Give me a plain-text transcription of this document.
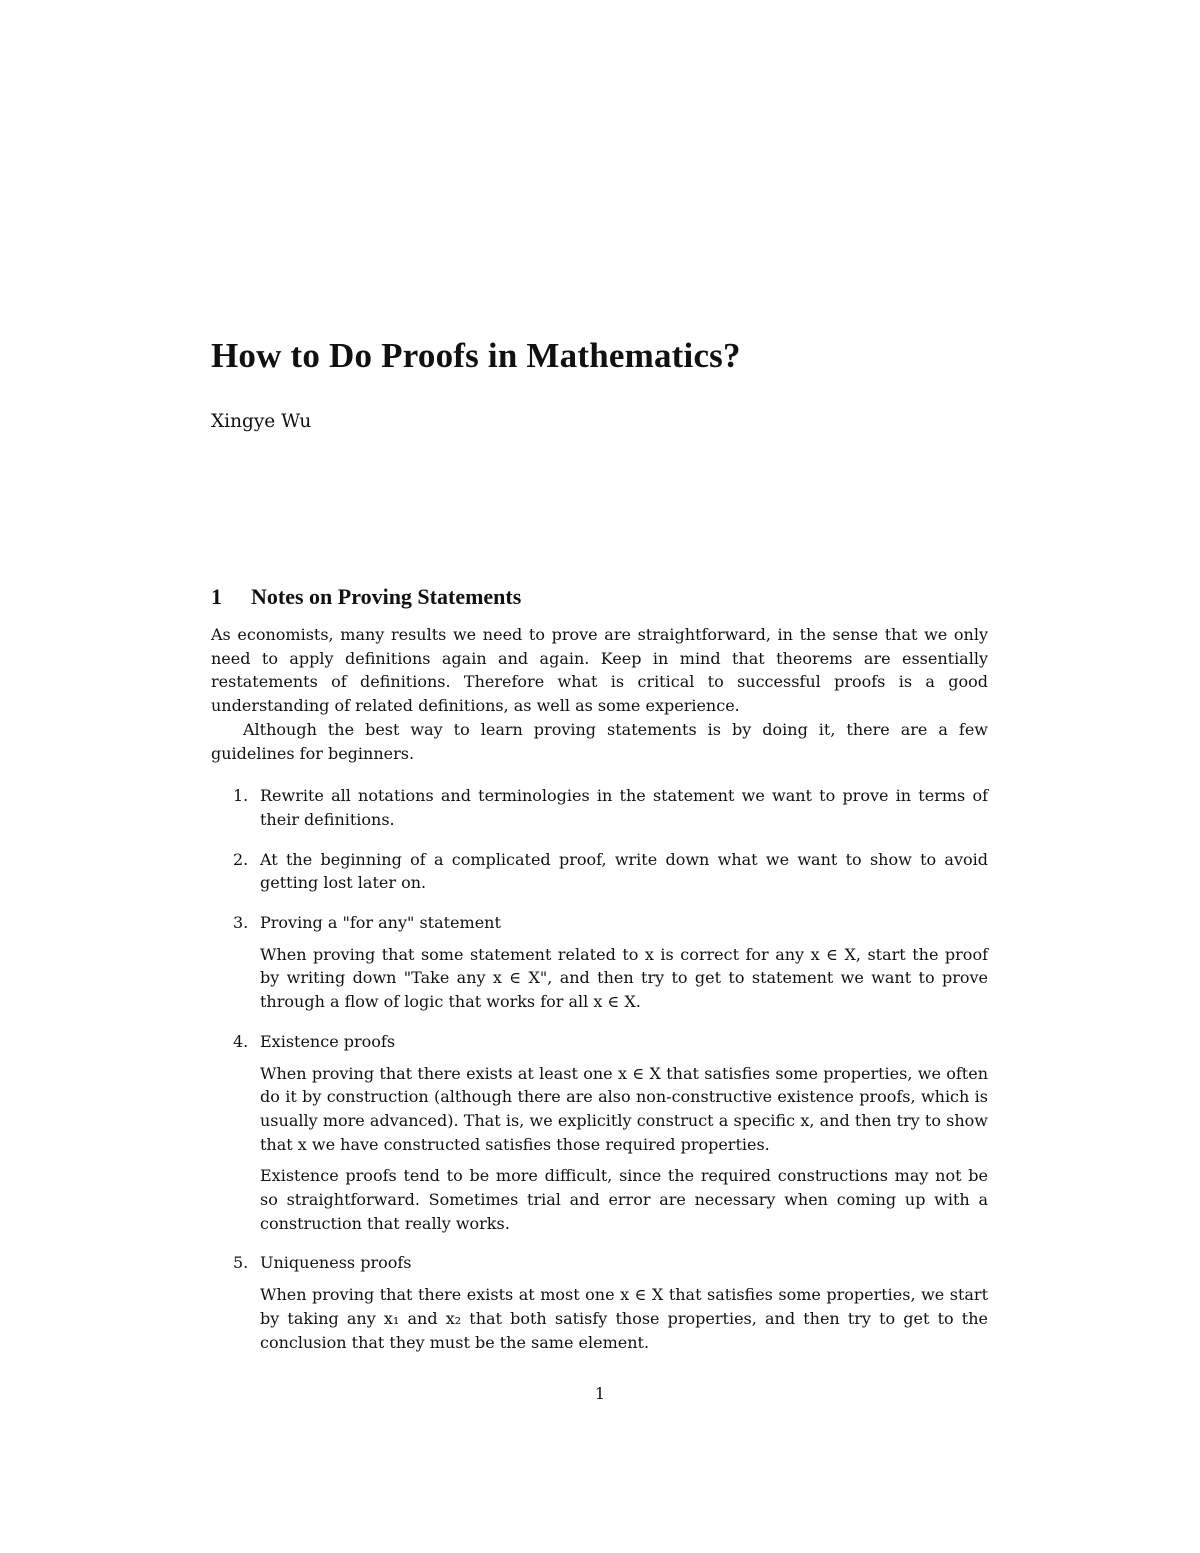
How to Do Proofs in Mathematics?
Xingye Wu
1 Notes on Proving Statements

As economists, many results we need to prove are straightforward, in the sense that we only need to apply definitions again and again. Keep in mind that theorems are essentially restatements of definitions. Therefore what is critical to successful proofs is a good understanding of related definitions, as well as some experience.

Although the best way to learn proving statements is by doing it, there are a few guidelines for beginners.

1. Rewrite all notations and terminologies in the statement we want to prove in terms of their definitions.

2. At the beginning of a complicated proof, write down what we want to show to avoid getting lost later on.

3. Proving a "for any" statement

When proving that some statement related to x is correct for any x ∈ X, start the proof by writing down "Take any x ∈ X", and then try to get to statement we want to prove through a flow of logic that works for all x ∈ X.

4. Existence proofs

When proving that there exists at least one x ∈ X that satisfies some properties, we often do it by construction (although there are also non-constructive existence proofs, which is usually more advanced). That is, we explicitly construct a specific x, and then try to show that x we have constructed satisfies those required properties.

Existence proofs tend to be more difficult, since the required constructions may not be so straightforward. Sometimes trial and error are necessary when coming up with a construction that really works.

5. Uniqueness proofs

When proving that there exists at most one x ∈ X that satisfies some properties, we start by taking any x₁ and x₂ that both satisfy those properties, and then try to get to the conclusion that they must be the same element.

1
